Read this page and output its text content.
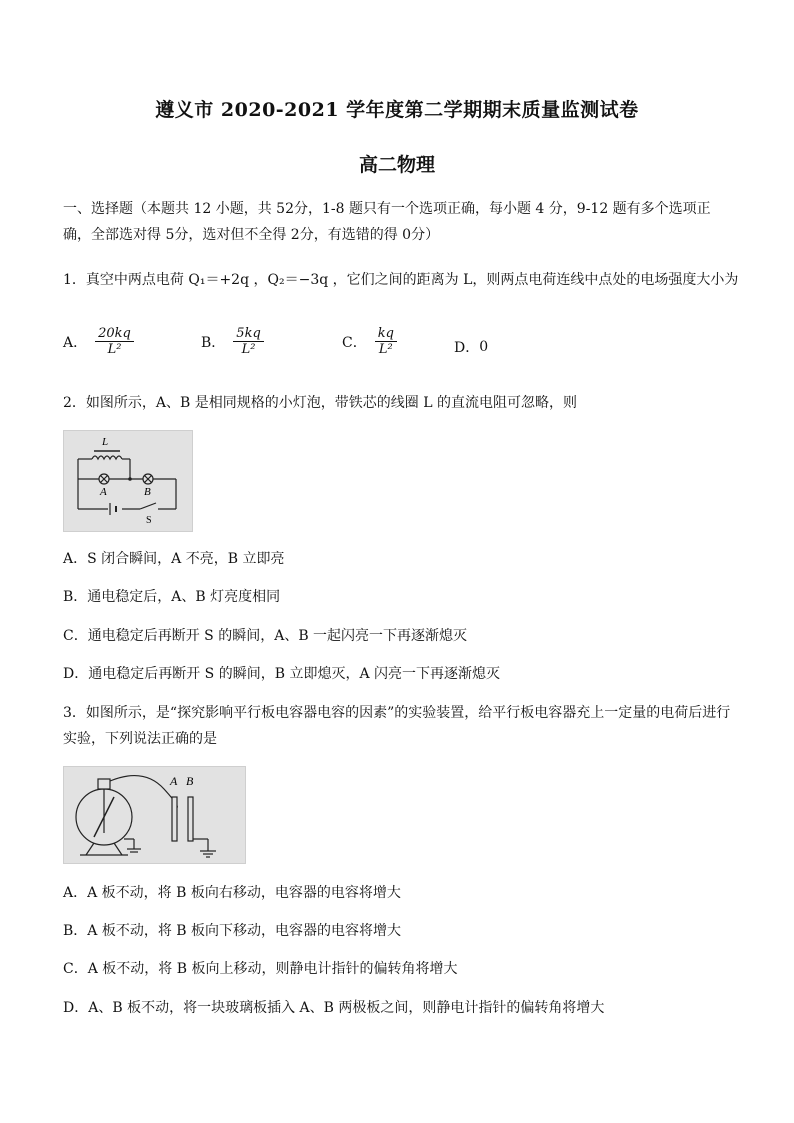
遵义市 2020-2021 学年度第二学期期末质量监测试卷
高二物理
一、选择题（本题共 12 小题，共 52分，1-8 题只有一个选项正确，每小题 4 分，9-12 题有多个选项正确，全部选对得 5分，选对但不全得 2分，有选错的得 0分）
1．真空中两点电荷 Q₁＝+2q ，Q₂＝−3q ，它们之间的距离为 L，则两点电荷连线中点处的电场强度大小为
A． $\frac{20kq}{\text{L²}}$	B． $\frac{5kq}{\text{L²}}$	C． $\frac{kq}{\text{L²}}$	D． 0
2．如图所示，A、B 是相同规格的小灯泡，带铁芯的线圈 L 的直流电阻可忽略，则
L
A	B
S
A．S 闭合瞬间，A 不亮，B 立即亮
B．通电稳定后，A、B 灯亮度相同
C．通电稳定后再断开 S 的瞬间，A、B 一起闪亮一下再逐渐熄灭
D．通电稳定后再断开 S 的瞬间，B 立即熄灭，A 闪亮一下再逐渐熄灭
3．如图所示，是“探究影响平行板电容器电容的因素”的实验装置，给平行板电容器充上一定量的电荷后进行实验，下列说法正确的是
A B
A．A 板不动，将 B 板向右移动，电容器的电容将增大
B．A 板不动，将 B 板向下移动，电容器的电容将增大
C．A 板不动，将 B 板向上移动，则静电计指针的偏转角将增大
D．A、B 板不动，将一块玻璃板插入 A、B 两极板之间，则静电计指针的偏转角将增大
